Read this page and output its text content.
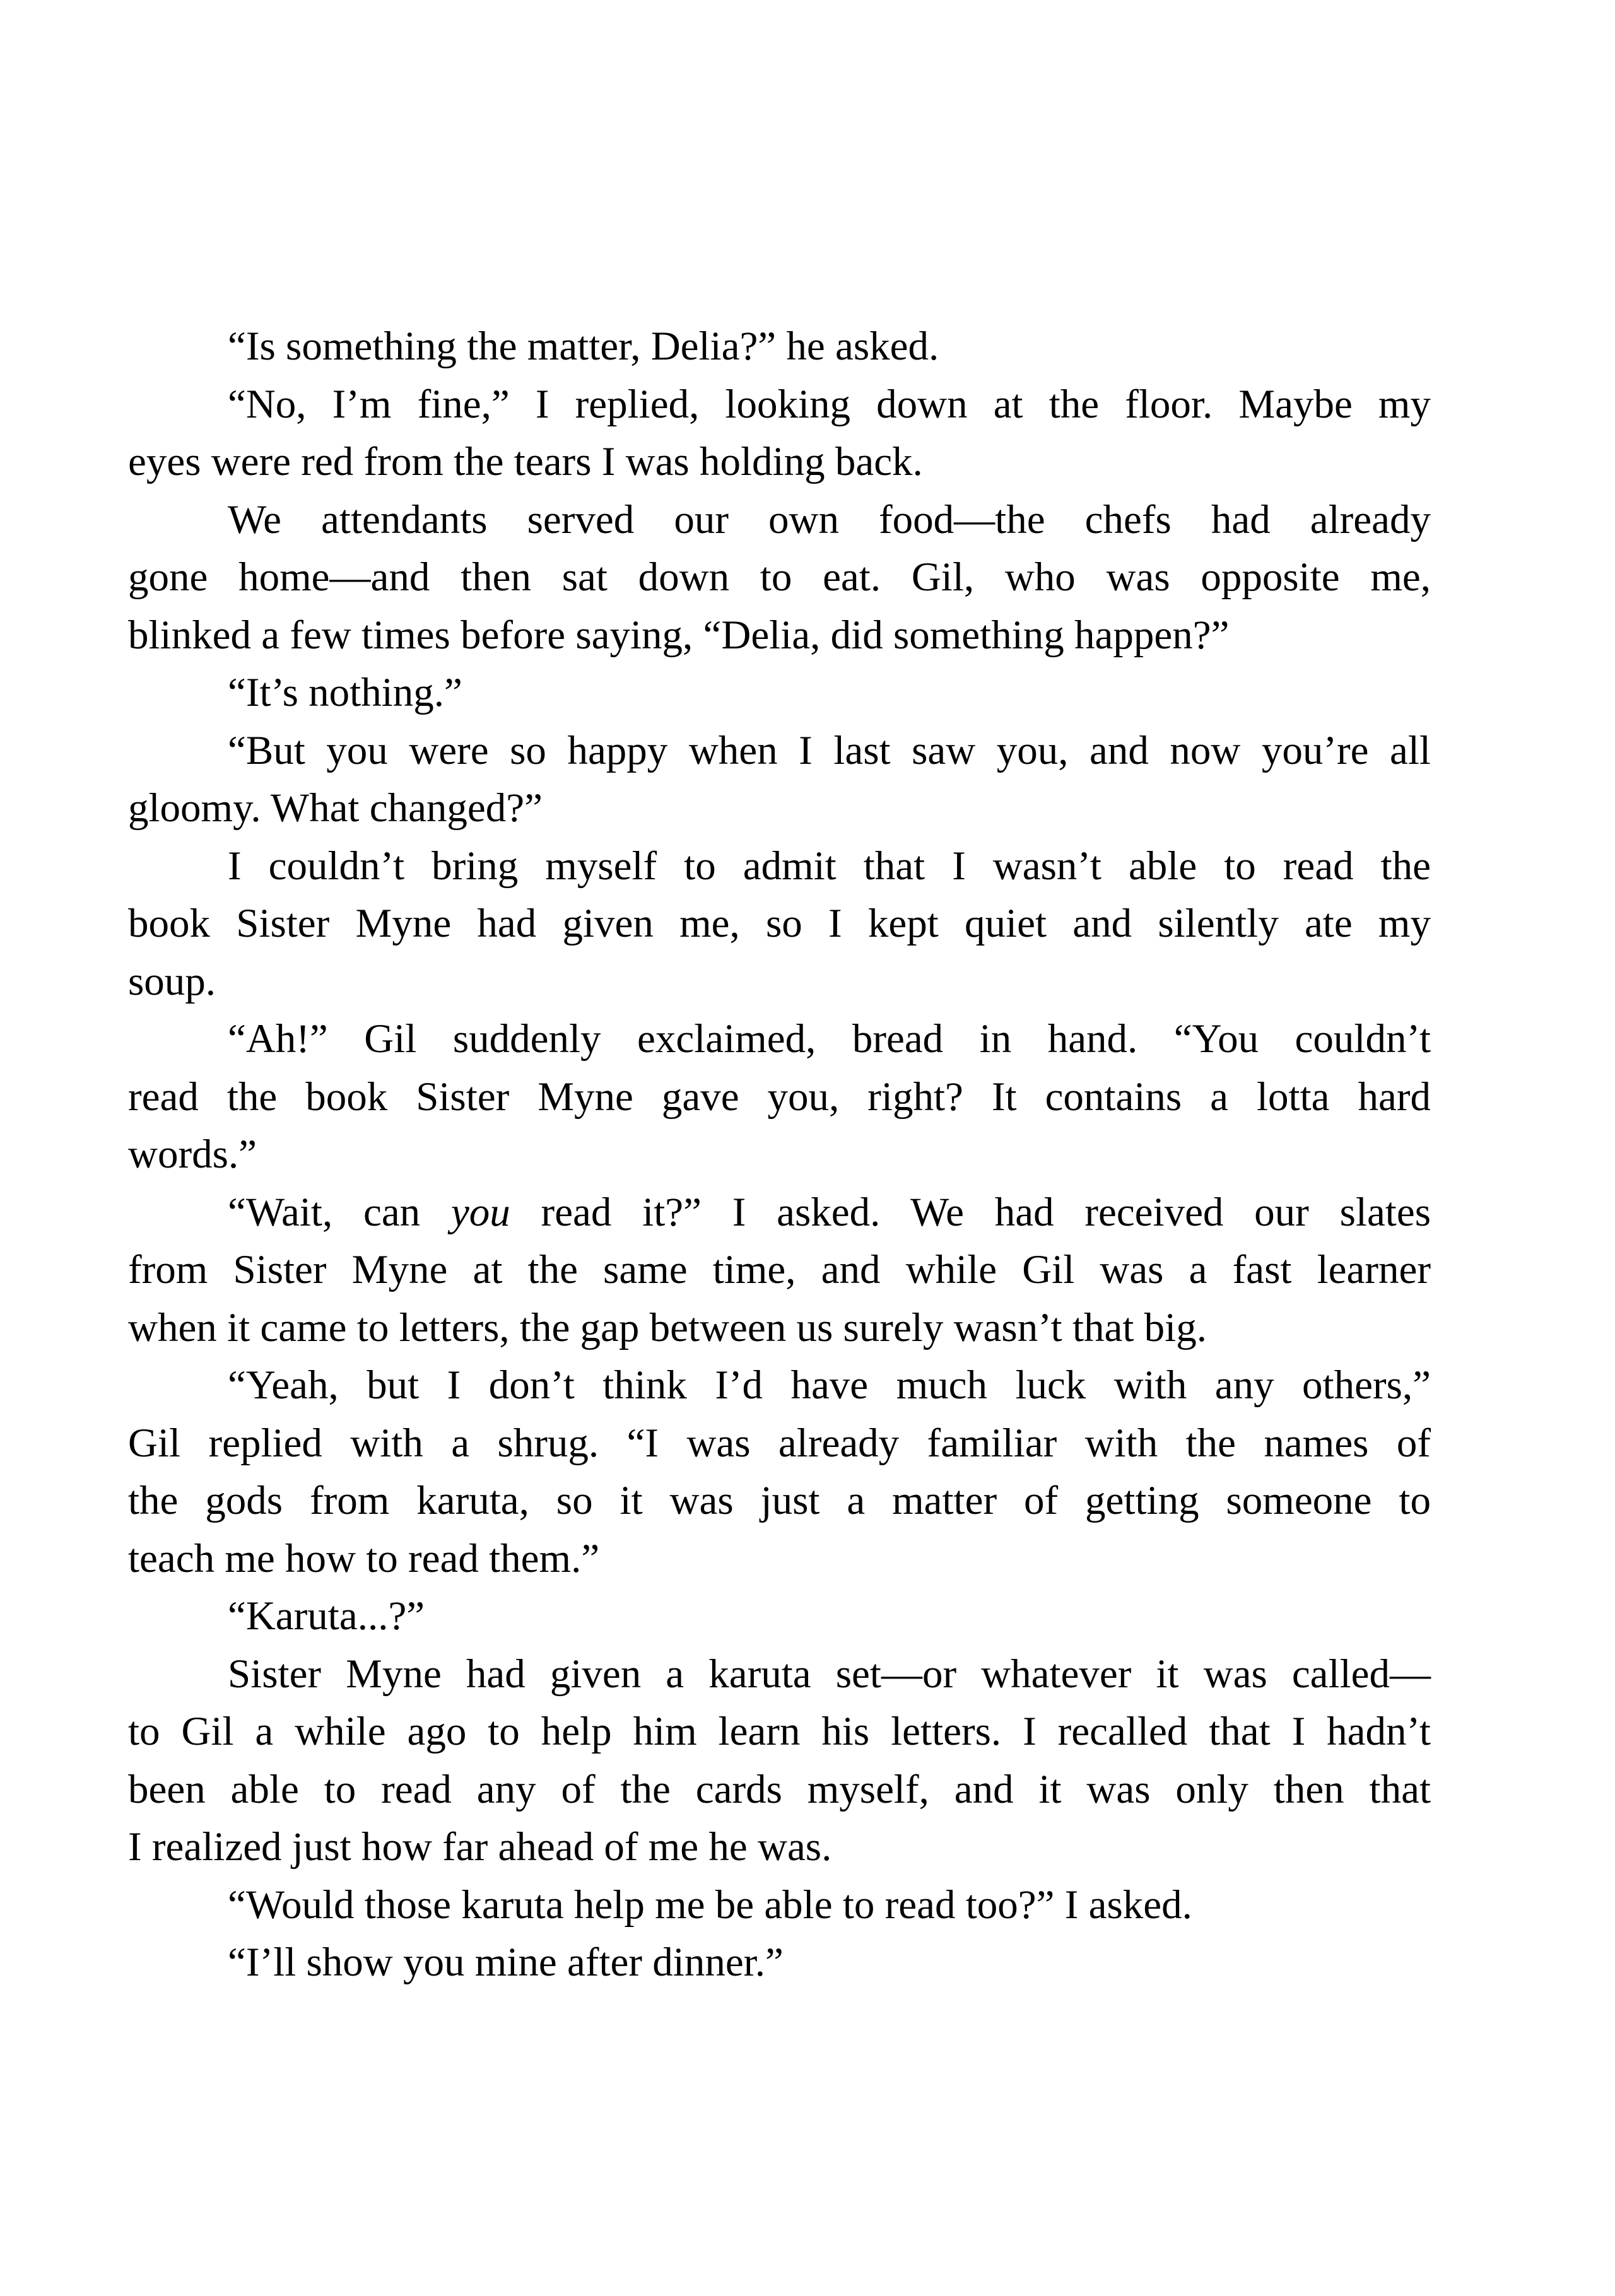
“Is something the matter, Delia?” he asked.

“No, I’m fine,” I replied, looking down at the floor. Maybe my
eyes were red from the tears I was holding back.

We attendants served our own food—the chefs had already
gone home—and then sat down to eat. Gil, who was opposite me,
blinked a few times before saying, “Delia, did something happen?”

“It’s nothing.”

“But you were so happy when I last saw you, and now you’re all
gloomy. What changed?”

I couldn’t bring myself to admit that I wasn’t able to read the
book Sister Myne had given me, so I kept quiet and silently ate my
soup.

“Ah!” Gil suddenly exclaimed, bread in hand. “You couldn’t
read the book Sister Myne gave you, right? It contains a lotta hard
words.”

“Wait, can you read it?” I asked. We had received our slates
from Sister Myne at the same time, and while Gil was a fast learner
when it came to letters, the gap between us surely wasn’t that big.

“Yeah, but I don’t think I’d have much luck with any others,”
Gil replied with a shrug. “I was already familiar with the names of
the gods from karuta, so it was just a matter of getting someone to
teach me how to read them.”

“Karuta...?”

Sister Myne had given a karuta set—or whatever it was called—
to Gil a while ago to help him learn his letters. I recalled that I hadn’t
been able to read any of the cards myself, and it was only then that
I realized just how far ahead of me he was.

“Would those karuta help me be able to read too?” I asked.

“I’ll show you mine after dinner.”
